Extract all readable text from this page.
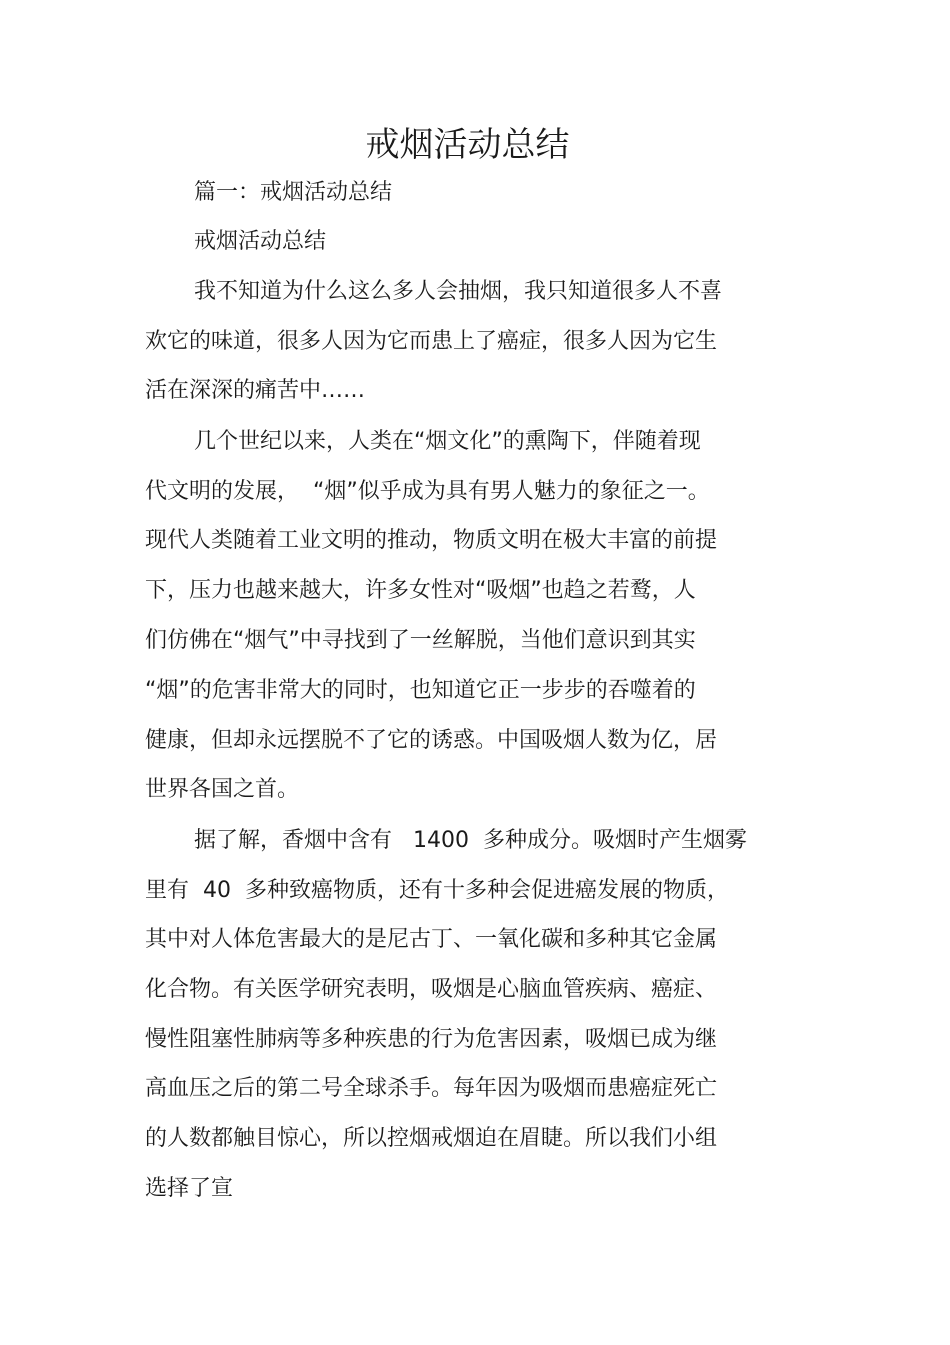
戒烟活动总结

篇一：戒烟活动总结

戒烟活动总结

我不知道为什么这么多人会抽烟，我只知道很多人不喜

欢它的味道，很多人因为它而患上了癌症，很多人因为它生

活在深深的痛苦中……

几个世纪以来，人类在“烟文化”的熏陶下，伴随着现

代文明的发展，  “烟”似乎成为具有男人魅力的象征之一。

现代人类随着工业文明的推动，物质文明在极大丰富的前提

下，压力也越来越大，许多女性对“吸烟”也趋之若鹜，人

们仿佛在“烟气”中寻找到了一丝解脱，当他们意识到其实

“烟”的危害非常大的同时，也知道它正一步步的吞噬着的

健康，但却永远摆脱不了它的诱惑。中国吸烟人数为亿，居

世界各国之首。

据了解，香烟中含有   1400  多种成分。吸烟时产生烟雾

里有  40  多种致癌物质，还有十多种会促进癌发展的物质，

其中对人体危害最大的是尼古丁、一氧化碳和多种其它金属

化合物。有关医学研究表明，吸烟是心脑血管疾病、癌症、

慢性阻塞性肺病等多种疾患的行为危害因素，吸烟已成为继

高血压之后的第二号全球杀手。每年因为吸烟而患癌症死亡

的人数都触目惊心，所以控烟戒烟迫在眉睫。所以我们小组

选择了宣
